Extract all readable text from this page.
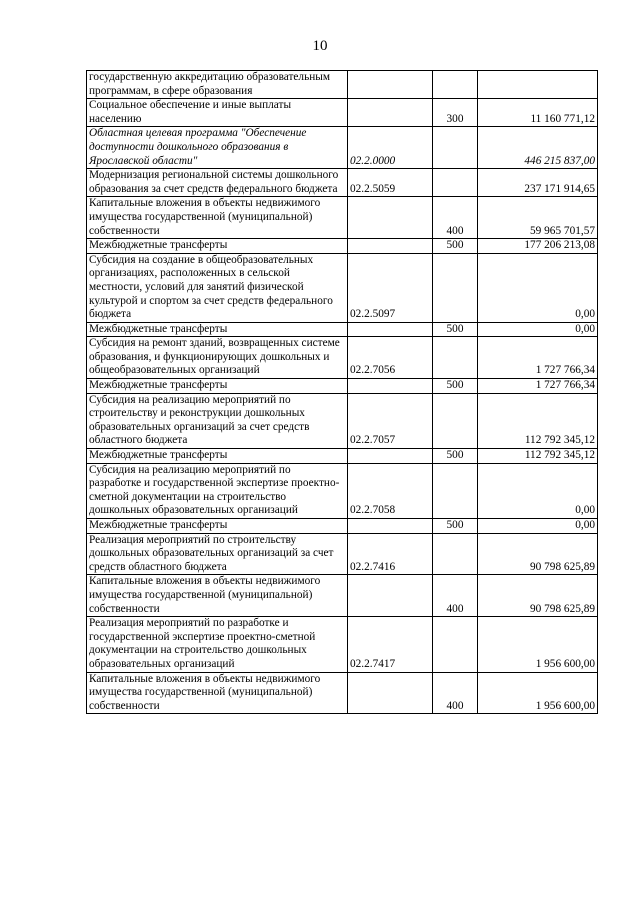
10
государственную аккредитацию образовательным программам, в сфере образования			
Социальное обеспечение и иные выплаты населению		300	11 160 771,12
Областная целевая программа "Обеспечение доступности дошкольного образования в Ярославской области"	02.2.0000		446 215 837,00
Модернизация региональной системы дошкольного образования за счет средств федерального бюджета	02.2.5059		237 171 914,65
Капитальные вложения в объекты недвижимого имущества государственной (муниципальной) собственности		400	59 965 701,57
Межбюджетные трансферты		500	177 206 213,08
Субсидия на создание в общеобразовательных организациях, расположенных в сельской местности, условий для занятий физической культурой и спортом за счет средств федерального бюджета	02.2.5097		0,00
Межбюджетные трансферты		500	0,00
Субсидия на ремонт зданий, возвращенных системе образования, и функционирующих дошкольных и общеобразовательных организаций	02.2.7056		1 727 766,34
Межбюджетные трансферты		500	1 727 766,34
Субсидия на реализацию мероприятий по строительству и реконструкции дошкольных образовательных организаций за счет средств областного бюджета	02.2.7057		112 792 345,12
Межбюджетные трансферты		500	112 792 345,12
Субсидия на реализацию мероприятий по разработке и государственной экспертизе проектно-сметной документации на строительство дошкольных образовательных организаций	02.2.7058		0,00
Межбюджетные трансферты		500	0,00
Реализация мероприятий по строительству дошкольных образовательных организаций за счет средств областного бюджета	02.2.7416		90 798 625,89
Капитальные вложения в объекты недвижимого имущества государственной (муниципальной) собственности		400	90 798 625,89
Реализация мероприятий по разработке и государственной экспертизе проектно-сметной документации на строительство дошкольных образовательных организаций	02.2.7417		1 956 600,00
Капитальные вложения в объекты недвижимого имущества государственной (муниципальной) собственности		400	1 956 600,00
